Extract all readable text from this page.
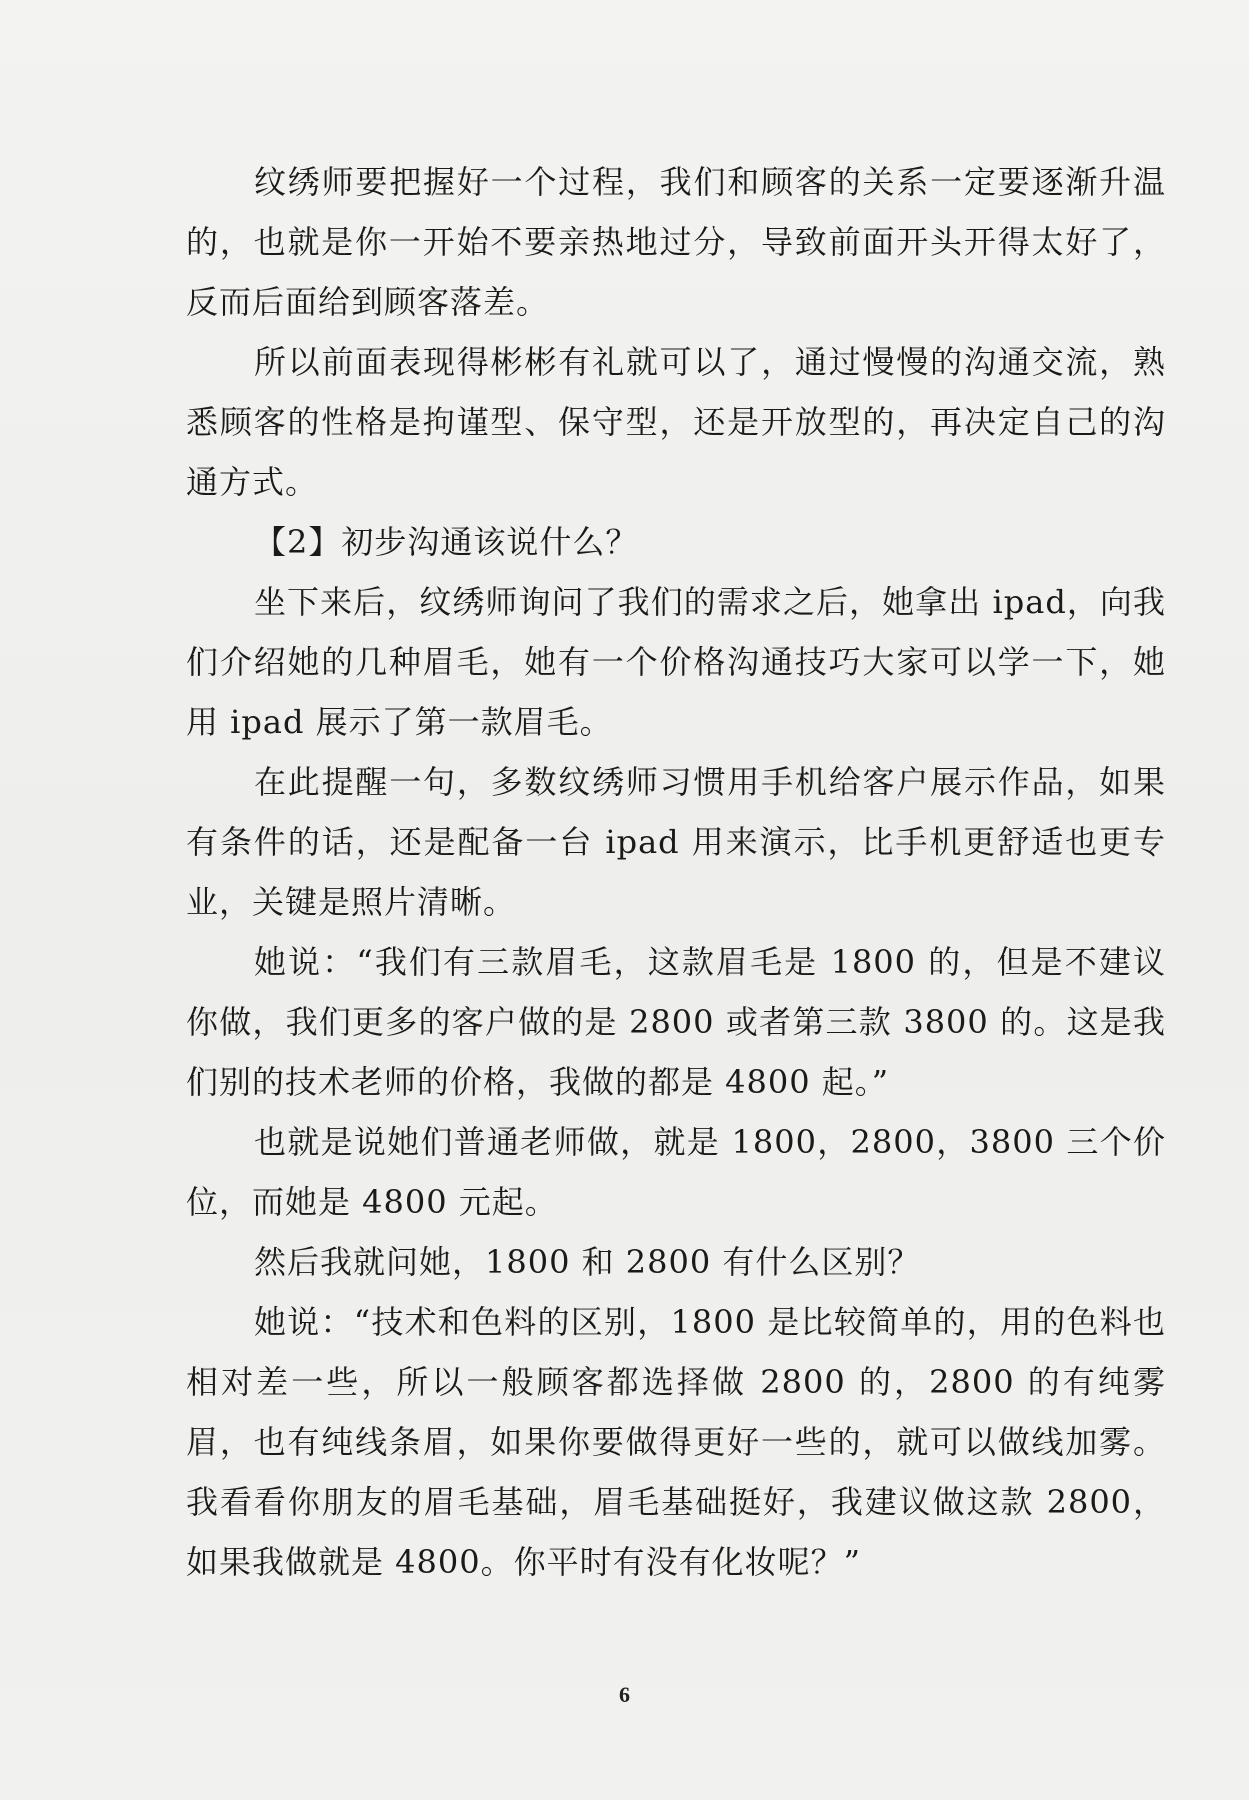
纹绣师要把握好一个过程，我们和顾客的关系一定要逐渐升温的，也就是你一开始不要亲热地过分，导致前面开头开得太好了，反而后面给到顾客落差。

所以前面表现得彬彬有礼就可以了，通过慢慢的沟通交流，熟悉顾客的性格是拘谨型、保守型，还是开放型的，再决定自己的沟通方式。

【2】初步沟通该说什么？

坐下来后，纹绣师询问了我们的需求之后，她拿出 ipad，向我们介绍她的几种眉毛，她有一个价格沟通技巧大家可以学一下，她用 ipad 展示了第一款眉毛。

在此提醒一句，多数纹绣师习惯用手机给客户展示作品，如果有条件的话，还是配备一台 ipad 用来演示，比手机更舒适也更专业，关键是照片清晰。

她说：“我们有三款眉毛，这款眉毛是 1800 的，但是不建议你做，我们更多的客户做的是 2800 或者第三款 3800 的。这是我们别的技术老师的价格，我做的都是 4800 起。”

也就是说她们普通老师做，就是 1800，2800，3800 三个价位，而她是 4800 元起。

然后我就问她，1800 和 2800 有什么区别？

她说：“技术和色料的区别，1800 是比较简单的，用的色料也相对差一些，所以一般顾客都选择做 2800 的，2800 的有纯雾眉，也有纯线条眉，如果你要做得更好一些的，就可以做线加雾。我看看你朋友的眉毛基础，眉毛基础挺好，我建议做这款 2800，如果我做就是 4800。你平时有没有化妆呢？”

6
